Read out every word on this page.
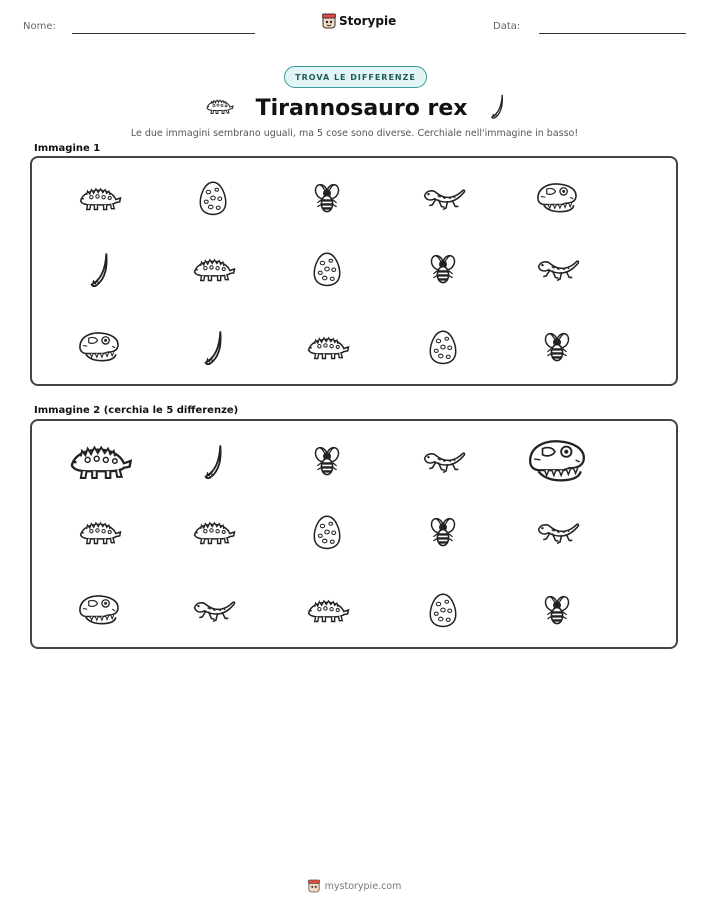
Nome:	Storypie	Data:
TROVA LE DIFFERENZE
Tirannosauro rex
Le due immagini sembrano uguali, ma 5 cose sono diverse. Cerchiale nell'immagine in basso!
Immagine 1
Immagine 2 (cerchia le 5 differenze)
mystorypie.com
